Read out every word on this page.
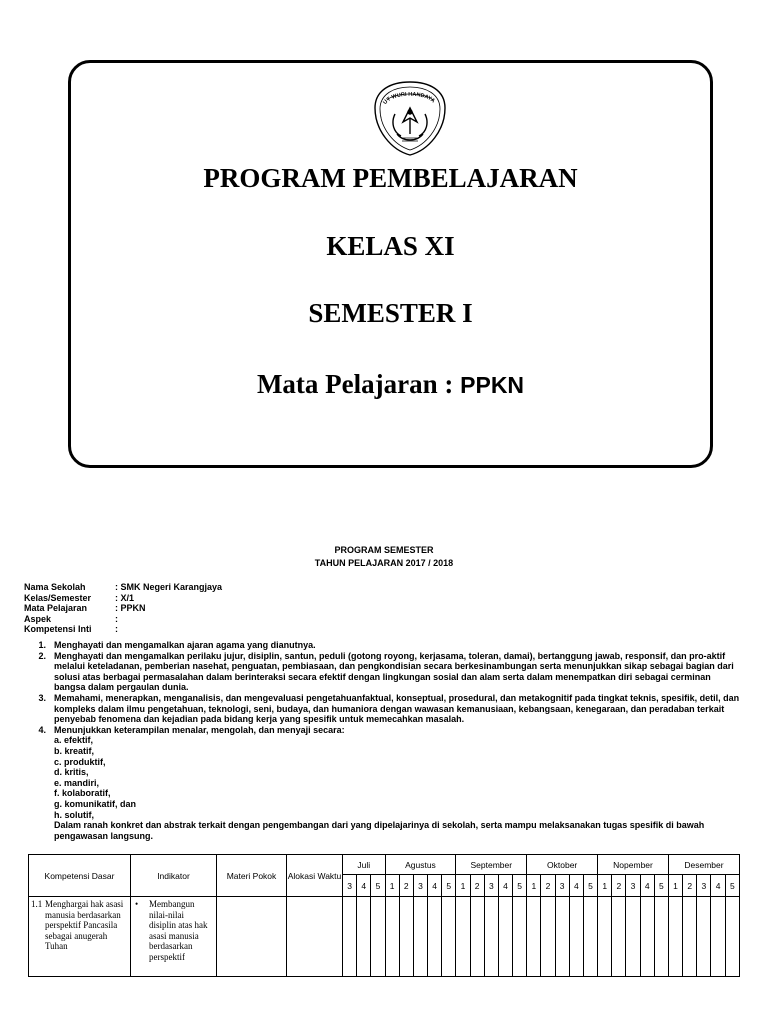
UT WURI HANDAYA
PROGRAM PEMBELAJARAN
KELAS XI
SEMESTER I
Mata Pelajaran : PPKN
PROGRAM SEMESTER
TAHUN PELAJARAN 2017 / 2018
Nama Sekolah	: SMK Negeri Karangjaya
Kelas/Semester	: X/1
Mata Pelajaran	: PPKN
Aspek	:
Kompetensi Inti	:
1. Menghayati dan mengamalkan ajaran agama yang dianutnya.
2. Menghayati dan mengamalkan perilaku jujur, disiplin, santun, peduli (gotong royong, kerjasama, toleran, damai), bertanggung jawab, responsif, dan pro-aktif melalui keteladanan, pemberian nasehat, penguatan, pembiasaan, dan pengkondisian secara berkesinambungan serta menunjukkan sikap sebagai bagian dari solusi atas berbagai permasalahan dalam berinteraksi secara efektif dengan lingkungan sosial dan alam serta dalam menempatkan diri sebagai cerminan bangsa dalam pergaulan dunia.
3. Memahami, menerapkan, menganalisis, dan mengevaluasi pengetahuanfaktual, konseptual, prosedural, dan metakognitif pada tingkat teknis, spesifik, detil, dan kompleks dalam ilmu pengetahuan, teknologi, seni, budaya, dan humaniora dengan wawasan kemanusiaan, kebangsaan, kenegaraan, dan peradaban terkait penyebab fenomena dan kejadian pada bidang kerja yang spesifik untuk memecahkan masalah.
4. Menunjukkan keterampilan menalar, mengolah, dan menyaji secara:
a. efektif,
b. kreatif,
c. produktif,
d. kritis,
e. mandiri,
f. kolaboratif,
g. komunikatif, dan
h. solutif,
Dalam ranah konkret dan abstrak terkait dengan pengembangan dari yang dipelajarinya di sekolah, serta mampu melaksanakan tugas spesifik di bawah pengawasan langsung.
Kompetensi Dasar	Indikator	Materi Pokok	Alokasi Waktu	Juli			Agustus					September					Oktober					Nopember					Desember				
				3	4	5	1	2	3	4	5	1	2	3	4	5	1	2	3	4	5	1	2	3	4	5	1	2	3	4	5

1.1 Menghargai hak asasi manusia berdasarkan perspektif Pancasila sebagai anugerah Tuhan	• Membangun nilai-nilai disiplin atas hak asasi manusia berdasarkan perspektif																														
